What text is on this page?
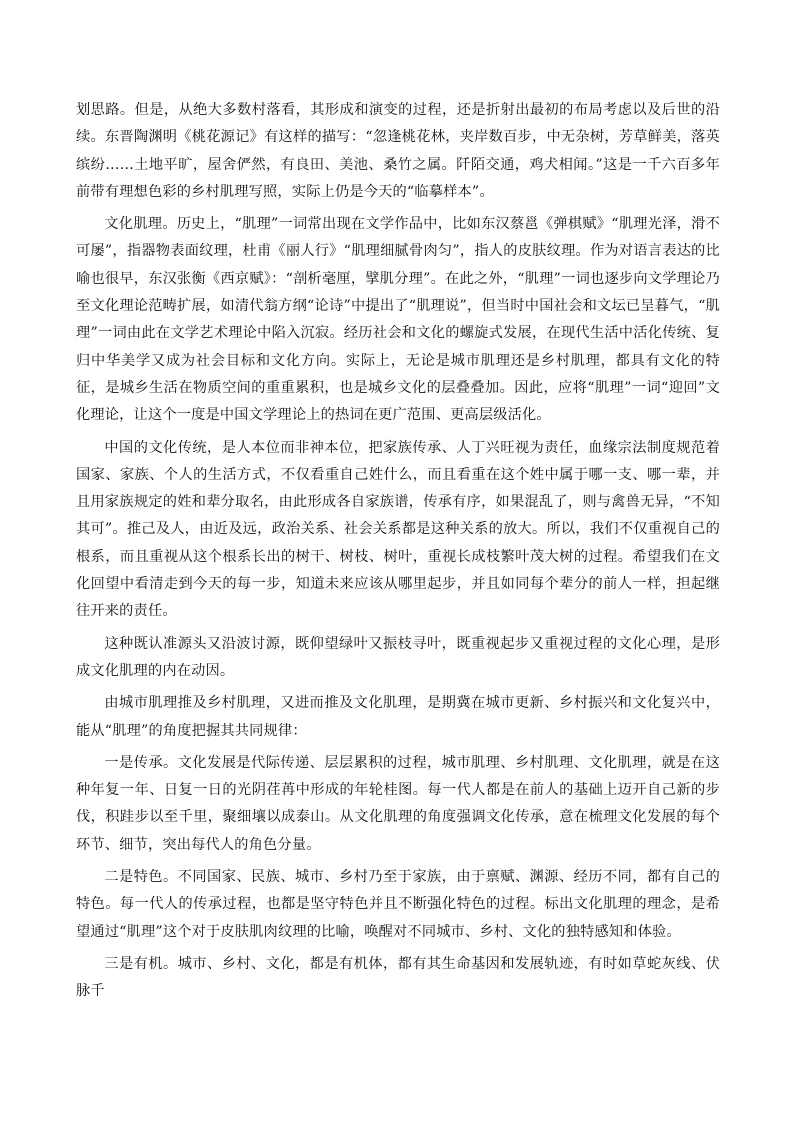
划思路。但是，从绝大多数村落看，其形成和演变的过程，还是折射出最初的布局考虑以及后世的沿续。东晋陶渊明《桃花源记》有这样的描写：“忽逢桃花林，夹岸数百步，中无杂树，芳草鲜美，落英缤纷……土地平旷，屋舍俨然，有良田、美池、桑竹之属。阡陌交通，鸡犬相闻。”这是一千六百多年前带有理想色彩的乡村肌理写照，实际上仍是今天的“临摹样本”。

文化肌理。历史上，“肌理”一词常出现在文学作品中，比如东汉蔡邕《弹棋赋》“肌理光泽，滑不可屡”，指器物表面纹理，杜甫《丽人行》“肌理细腻骨肉匀”，指人的皮肤纹理。作为对语言表达的比喻也很早，东汉张衡《西京赋》：“剖析毫厘，擘肌分理”。在此之外，“肌理”一词也逐步向文学理论乃至文化理论范畴扩展，如清代翁方纲“论诗”中提出了“肌理说”，但当时中国社会和文坛已呈暮气，“肌理”一词由此在文学艺术理论中陷入沉寂。经历社会和文化的螺旋式发展，在现代生活中活化传统、复归中华美学又成为社会目标和文化方向。实际上，无论是城市肌理还是乡村肌理，都具有文化的特征，是城乡生活在物质空间的重重累积，也是城乡文化的层叠叠加。因此，应将“肌理”一词“迎回”文化理论，让这个一度是中国文学理论上的热词在更广范围、更高层级活化。

中国的文化传统，是人本位而非神本位，把家族传承、人丁兴旺视为责任，血缘宗法制度规范着国家、家族、个人的生活方式，不仅看重自己姓什么，而且看重在这个姓中属于哪一支、哪一辈，并且用家族规定的姓和辈分取名，由此形成各自家族谱，传承有序，如果混乱了，则与禽兽无异，“不知其可”。推己及人，由近及远，政治关系、社会关系都是这种关系的放大。所以，我们不仅重视自己的根系，而且重视从这个根系长出的树干、树枝、树叶，重视长成枝繁叶茂大树的过程。希望我们在文化回望中看清走到今天的每一步，知道未来应该从哪里起步，并且如同每个辈分的前人一样，担起继往开来的责任。

这种既认准源头又沿波讨源，既仰望绿叶又振枝寻叶，既重视起步又重视过程的文化心理，是形成文化肌理的内在动因。

由城市肌理推及乡村肌理，又进而推及文化肌理，是期冀在城市更新、乡村振兴和文化复兴中，能从“肌理”的角度把握其共同规律：

一是传承。文化发展是代际传递、层层累积的过程，城市肌理、乡村肌理、文化肌理，就是在这种年复一年、日复一日的光阴荏苒中形成的年轮桂图。每一代人都是在前人的基础上迈开自己新的步伐，积跬步以至千里，聚细壤以成泰山。从文化肌理的角度强调文化传承，意在梳理文化发展的每个环节、细节，突出每代人的角色分量。

二是特色。不同国家、民族、城市、乡村乃至于家族，由于禀赋、渊源、经历不同，都有自己的特色。每一代人的传承过程，也都是坚守特色并且不断强化特色的过程。标出文化肌理的理念，是希望通过“肌理”这个对于皮肤肌肉纹理的比喻，唤醒对不同城市、乡村、文化的独特感知和体验。

三是有机。城市、乡村、文化，都是有机体，都有其生命基因和发展轨迹，有时如草蛇灰线、伏脉千
